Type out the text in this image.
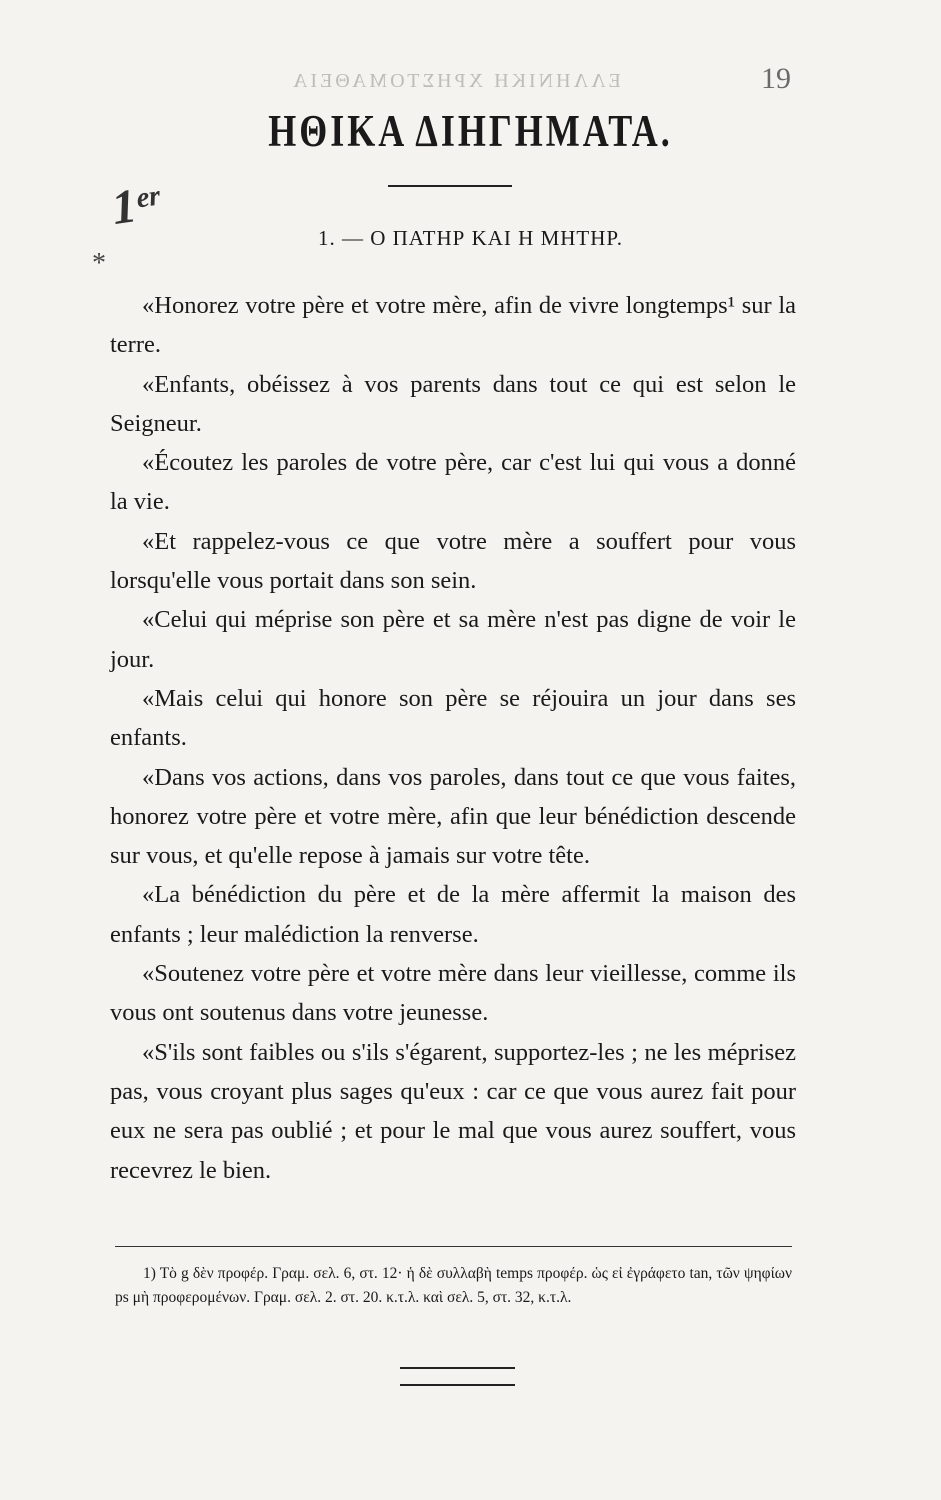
ΕΛΛΗΝΙΚΗ ΧΡΗΣΤΟΜΑΘΕΙΑ	19
ΗΘΙΚΑ ΔΙΗΓΗΜΑΤΑ.
1ᵉʳ
*
1. — Ο ΠΑΤΗΡ ΚΑΙ Η ΜΗΤΗΡ.

« Honorez votre père et votre mère, afin de vivre longtemps¹ sur la terre.

« Enfants, obéissez à vos parents dans tout ce qui est selon le Seigneur.

« Écoutez les paroles de votre père, car c'est lui qui vous a donné la vie.

« Et rappelez-vous ce que votre mère a souffert pour vous lorsqu'elle vous portait dans son sein.

« Celui qui méprise son père et sa mère n'est pas digne de voir le jour.

« Mais celui qui honore son père se réjouira un jour dans ses enfants.

« Dans vos actions, dans vos paroles, dans tout ce que vous faites, honorez votre père et votre mère, afin que leur bénédiction descende sur vous, et qu'elle repose à jamais sur votre tête.

« La bénédiction du père et de la mère affermit la maison des enfants ; leur malédiction la renverse.

« Soutenez votre père et votre mère dans leur vieillesse, comme ils vous ont soutenus dans votre jeunesse.

« S'ils sont faibles ou s'ils s'égarent, supportez-les ; ne les méprisez pas, vous croyant plus sages qu'eux : car ce que vous aurez fait pour eux ne sera pas oublié ; et pour le mal que vous aurez souffert, vous recevrez le bien.

1) Τὸ g δὲν προφέρ. Γραμ. σελ. 6, στ. 12· ἡ δὲ συλλαβὴ temps προφέρ. ὡς εἰ ἐγράφετο tan, τῶν ψηφίων ps μὴ προφερομένων. Γραμ. σελ. 2. στ. 20. κ.τ.λ. καὶ σελ. 5, στ. 32, κ.τ.λ.
